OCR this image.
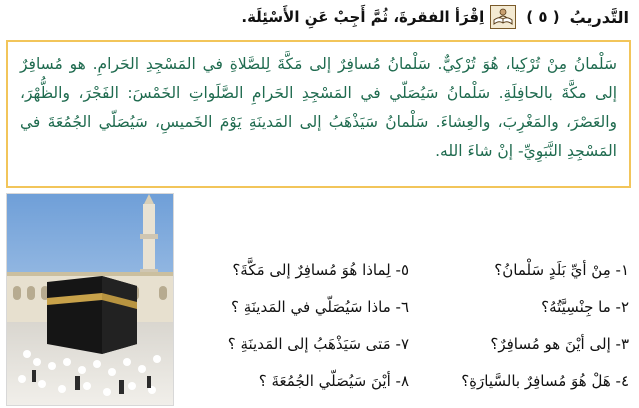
التَّدريبُ
( ٥ )
اِقْرَأ الفقرةَ، ثُمَّ أَجِبْ عَنِ الأَسْئِلَة.

سَلْمانُ مِنْ تُرْكِيا، هُوَ تُرْكِيٌّ. سَلْمانُ مُسافِرٌ إلى مَكَّةَ لِلصَّلاةِ في المَسْجِدِ الحَرامِ. هو مُسافِرٌ إلى مكَّةَ بالحافِلَةِ. سَلْمانُ سَيُصَلّي في المَسْجِدِ الحَرامِ الصَّلَواتِ الخَمْسَ: الفَجْرَ، والظُّهْرَ، والعَصْرَ، والمَغْرِبَ، والعِشاءَ. سَلْمانُ سَيَذْهَبُ إلى المَدينَةِ يَوْمَ الخَميسِ، سَيُصَلّي الجُمُعَةَ في المَسْجِدِ النَّبَوِيِّ- إنْ شاءَ الله.

١- مِنْ أيِّ بَلَدٍ سَلْمانُ؟
٥- لِماذا هُوَ مُسافِرٌ إلى مَكَّةَ؟
٢- ما جِنْسِيَّتُهُ؟
٦- ماذا سَيُصَلّي في المَدينَةِ ؟
٣- إلى أيْنَ هو مُسافِرٌ؟
٧- مَتى سَيَذْهَبُ إلى المَدينَةِ ؟
٤- هَلْ هُوَ مُسافِرٌ بالسَّيارَةِ؟
٨- أيْنَ سَيُصَلّي الجُمُعَةَ ؟
